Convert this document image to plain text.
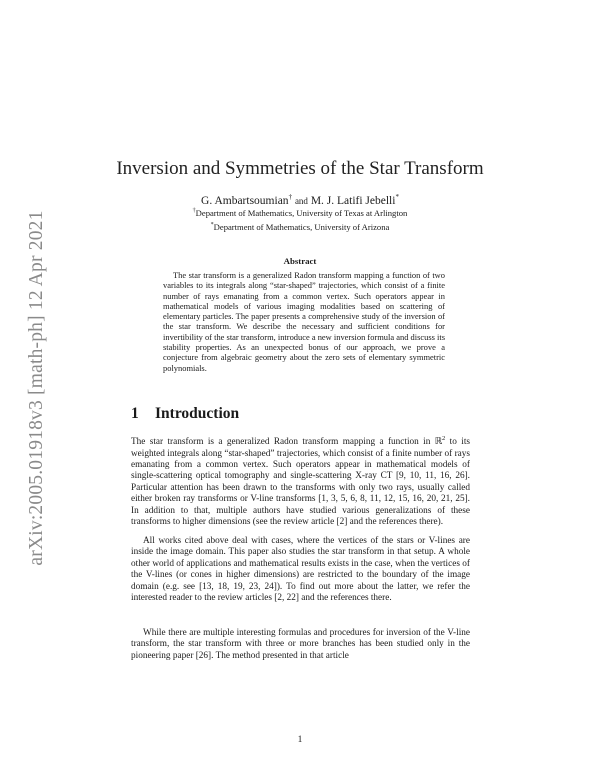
arXiv:2005.01918v3 [math-ph] 12 Apr 2021
Inversion and Symmetries of the Star Transform
G. Ambartsoumian† and M. J. Latifi Jebelli*
†Department of Mathematics, University of Texas at Arlington
*Department of Mathematics, University of Arizona
Abstract
The star transform is a generalized Radon transform mapping a function of two variables to its integrals along “star-shaped” trajectories, which consist of a finite number of rays emanating from a common vertex. Such operators appear in mathematical models of various imaging modalities based on scattering of elementary particles. The paper presents a comprehensive study of the inversion of the star transform. We describe the necessary and sufficient conditions for invertibility of the star transform, introduce a new inversion formula and discuss its stability properties. As an unexpected bonus of our approach, we prove a conjecture from algebraic geometry about the zero sets of elementary symmetric polynomials.
1 Introduction
The star transform is a generalized Radon transform mapping a function in ℝ$^2$ to its weighted integrals along “star-shaped” trajectories, which consist of a finite number of rays emanating from a common vertex. Such operators appear in mathematical models of single-scattering optical tomography and single-scattering X-ray CT [9, 10, 11, 16, 26]. Particular attention has been drawn to the transforms with only two rays, usually called either broken ray transforms or V-line transforms [1, 3, 5, 6, 8, 11, 12, 15, 16, 20, 21, 25]. In addition to that, multiple authors have studied various generalizations of these transforms to higher dimensions (see the review article [2] and the references there).
All works cited above deal with cases, where the vertices of the stars or V-lines are inside the image domain. This paper also studies the star transform in that setup. A whole other world of applications and mathematical results exists in the case, when the vertices of the V-lines (or cones in higher dimensions) are restricted to the boundary of the image domain (e.g. see [13, 18, 19, 23, 24]). To find out more about the latter, we refer the interested reader to the review articles [2, 22] and the references there.
While there are multiple interesting formulas and procedures for inversion of the V-line transform, the star transform with three or more branches has been studied only in the pioneering paper [26]. The method presented in that article
1
